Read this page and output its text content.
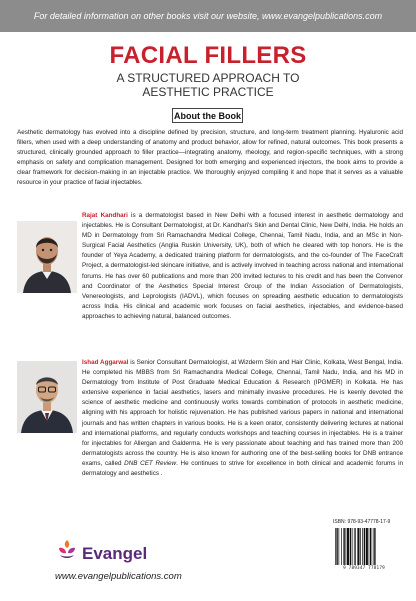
For detailed information on other books visit our website, www.evangelpublications.com
FACIAL FILLERS
A STRUCTURED APPROACH TO
AESTHETIC PRACTICE
About the Book

Aesthetic dermatology has evolved into a discipline defined by precision, structure, and long-term treatment planning. Hyaluronic acid fillers, when used with a deep understanding of anatomy and product behavior, allow for refined, natural outcomes. This book presents a structured, clinically grounded approach to filler practice—integrating anatomy, rheology, and region-specific techniques, with a strong emphasis on safety and complication management. Designed for both emerging and experienced injectors, the book aims to provide a clear framework for decision-making in an injectable practice. We thoroughly enjoyed compiling it and hope that it serves as a valuable resource in your practice of facial injectables.

Rajat Kandhari is a dermatologist based in New Delhi with a focused interest in aesthetic dermatology and injectables. He is Consultant Dermatologist, at Dr. Kandhari's Skin and Dental Clinic, New Delhi, India. He holds an MD in Dermatology from Sri Ramachandra Medical College, Chennai, Tamil Nadu, India, and an MSc in Non-Surgical Facial Aesthetics (Anglia Ruskin University, UK), both of which he cleared with top honors. He is the founder of Yeya Academy, a dedicated training platform for dermatologists, and the co-founder of The FaceCraft Project, a dermatologist-led skincare initiative, and is actively involved in teaching across national and international forums. He has over 60 publications and more than 200 invited lectures to his credit and has been the Convenor and Coordinator of the Aesthetics Special Interest Group of the Indian Association of Dermatologists, Venereologists, and Leprologists (IADVL), which focuses on spreading aesthetic education to dermatologists across India. His clinical and academic work focuses on facial aesthetics, injectables, and evidence-based approaches to achieving natural, balanced outcomes.

Ishad Aggarwal is Senior Consultant Dermatologist, at Wizderm Skin and Hair Clinic, Kolkata, West Bengal, India. He completed his MBBS from Sri Ramachandra Medical College, Chennai, Tamil Nadu, India, and his MD in Dermatology from Institute of Post Graduate Medical Education & Research (IPGMER) in Kolkata. He has extensive experience in facial aesthetics, lasers and minimally invasive procedures. He is keenly devoted the science of aesthetic medicine and continuously works towards combination of protocols in aesthetic medicine, aligning with his approach for holistic rejuvenation. He has published various papers in national and international journals and has written chapters in various books. He is a keen orator, consistently delivering lectures at national and international platforms, and regularly conducts workshops and teaching courses in injectables. He is a trainer for injectables for Allergan and Galderma. He is very passionate about teaching and has trained more than 200 dermatologists across the country. He is also known for authoring one of the best-selling books for DNB entrance exams, called DNB CET Review. He continues to strive for excellence in both clinical and academic forums in dermatology and aesthetics .

ISBN: 978-93-47778-17-9
9 789347 778179
Evangel
www.evangelpublications.com
